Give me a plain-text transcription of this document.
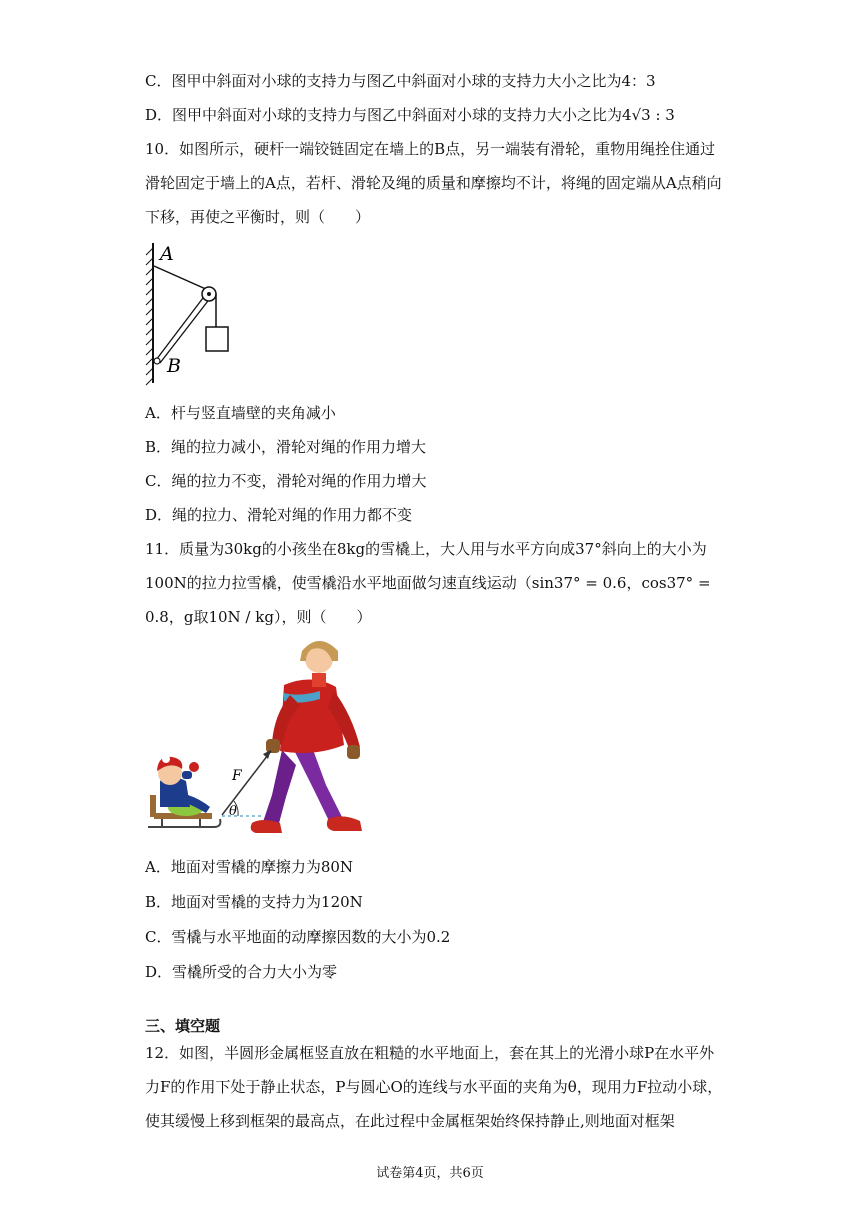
C．图甲中斜面对小球的支持力与图乙中斜面对小球的支持力大小之比为4：3
D．图甲中斜面对小球的支持力与图乙中斜面对小球的支持力大小之比为4√3 : 3
10．如图所示，硬杆一端铰链固定在墙上的B点，另一端装有滑轮，重物用绳拴住通过滑轮固定于墙上的A点，若杆、滑轮及绳的质量和摩擦均不计，将绳的固定端从A点稍向下移，再使之平衡时，则（　　）
A
B
A．杆与竖直墙壁的夹角减小
B．绳的拉力减小，滑轮对绳的作用力增大
C．绳的拉力不变，滑轮对绳的作用力增大
D．绳的拉力、滑轮对绳的作用力都不变
11．质量为30kg的小孩坐在8kg的雪橇上，大人用与水平方向成37°斜向上的大小为100N的拉力拉雪橇，使雪橇沿水平地面做匀速直线运动（sin37° = 0.6，cos37° = 0.8，g取10N / kg），则（　　）
θ
F
A．地面对雪橇的摩擦力为80N
B．地面对雪橇的支持力为120N
C．雪橇与水平地面的动摩擦因数的大小为0.2
D．雪橇所受的合力大小为零
三、填空题
12．如图，半圆形金属框竖直放在粗糙的水平地面上，套在其上的光滑小球P在水平外力F的作用下处于静止状态，P与圆心O的连线与水平面的夹角为θ，现用力F拉动小球，使其缓慢上移到框架的最高点，在此过程中金属框架始终保持静止,则地面对框架
试卷第4页，共6页
